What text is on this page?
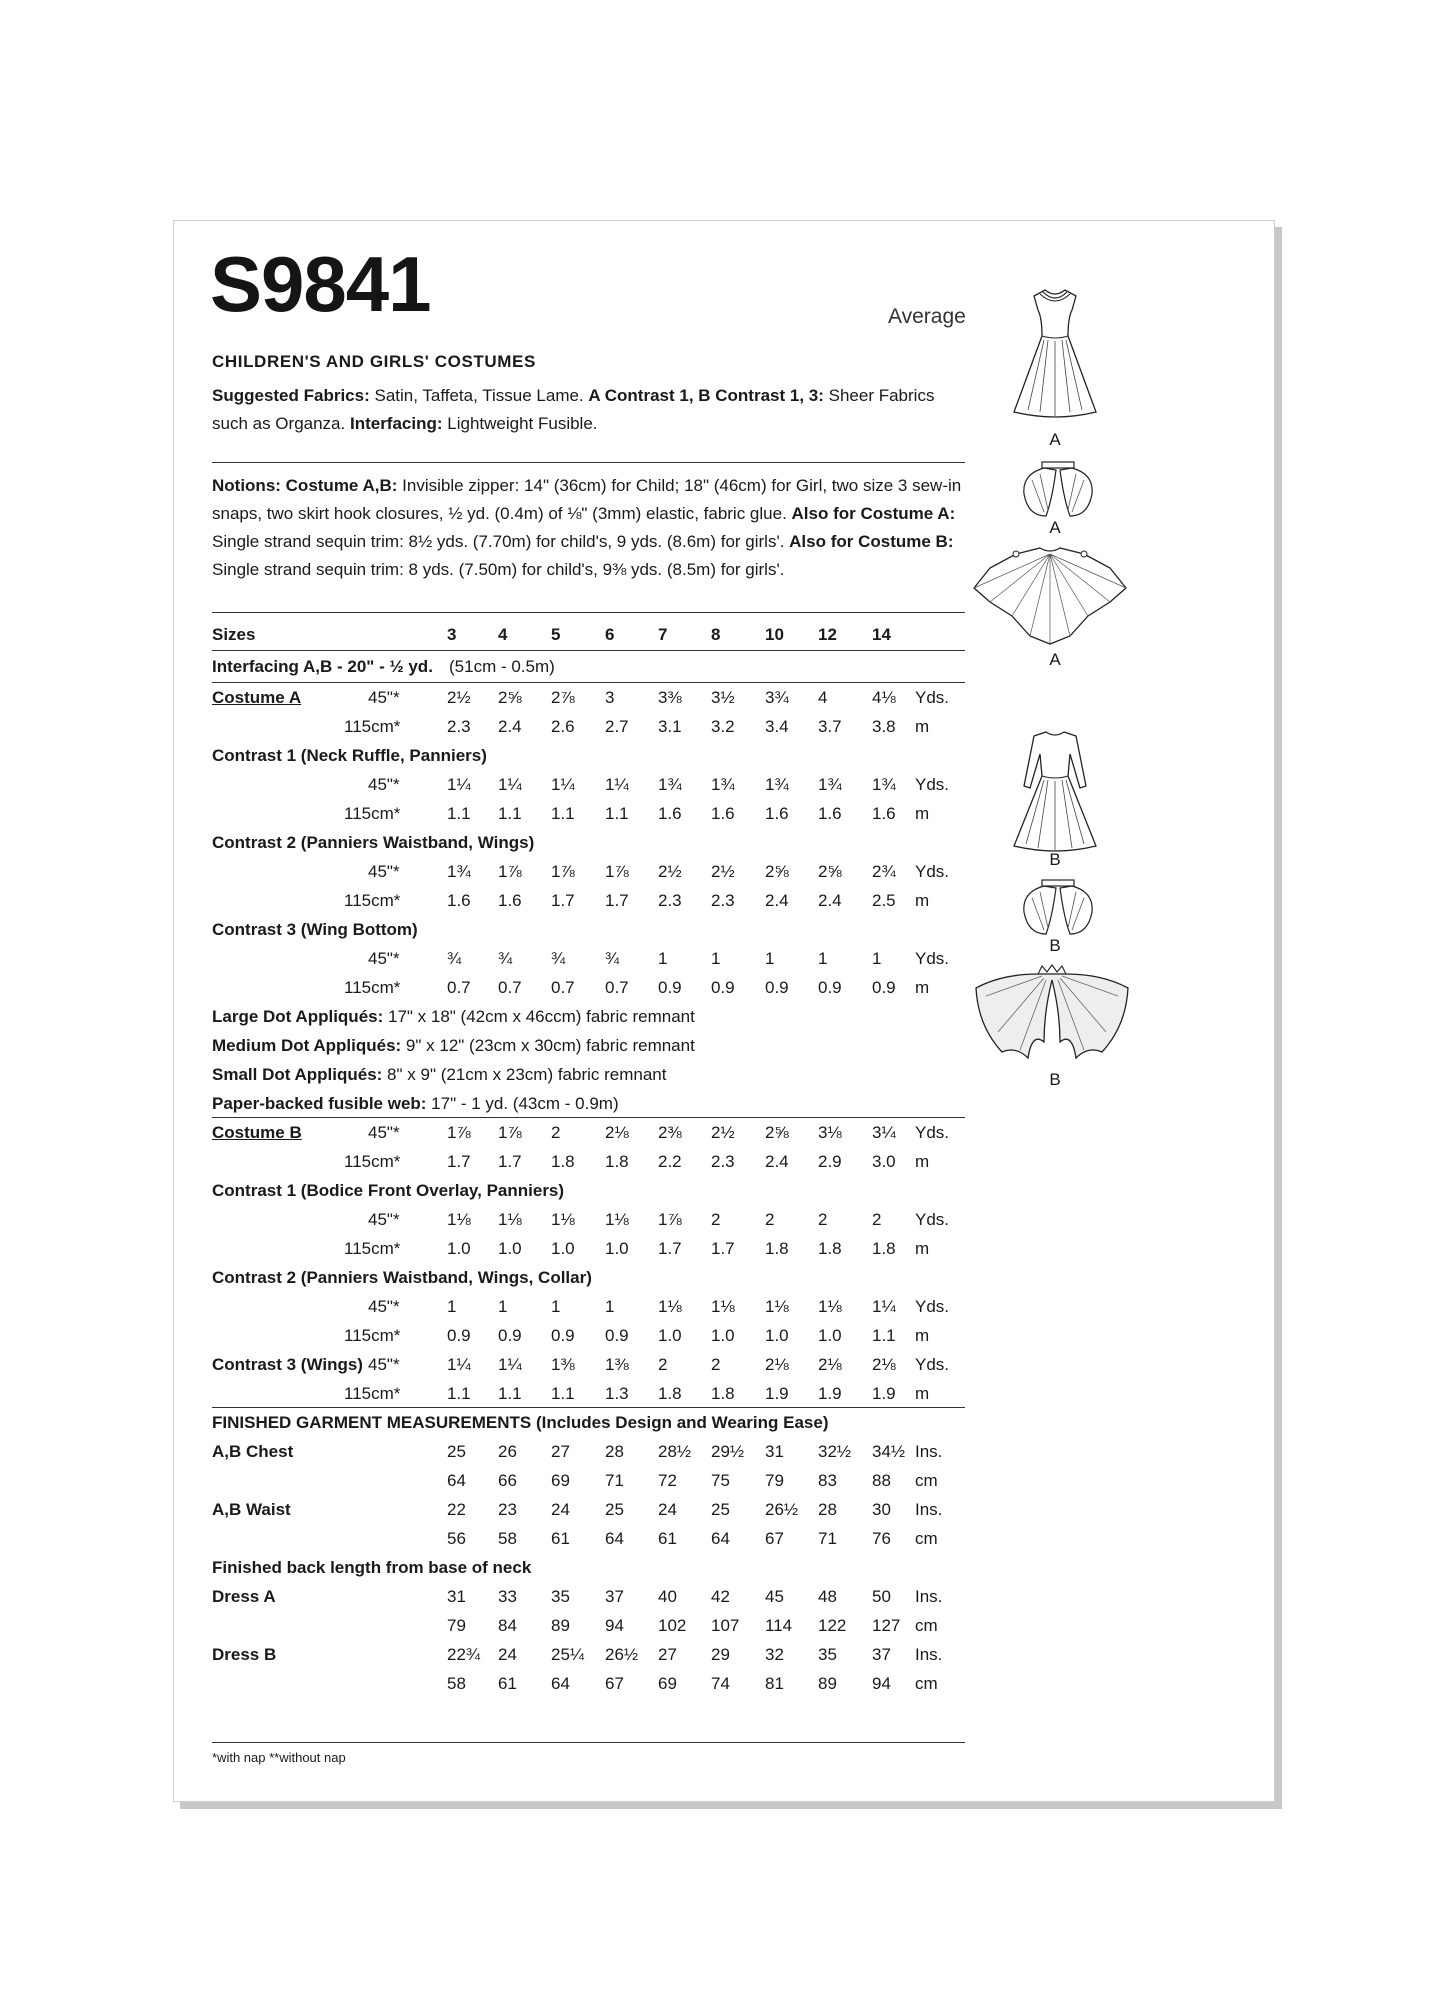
S9841	Average
CHILDREN'S AND GIRLS' COSTUMES
Suggested Fabrics: Satin, Taffeta, Tissue Lame. A Contrast 1, B Contrast 1, 3: Sheer Fabrics such as Organza. Interfacing: Lightweight Fusible.
Notions: Costume A,B: Invisible zipper: 14" (36cm) for Child; 18" (46cm) for Girl, two size 3 sew-in snaps, two skirt hook closures, ½ yd. (0.4m) of ⅛" (3mm) elastic, fabric glue. Also for Costume A: Single strand sequin trim: 8½ yds. (7.70m) for child's, 9 yds. (8.6m) for girls'. Also for Costume B: Single strand sequin trim: 8 yds. (7.50m) for child's, 9⅜ yds. (8.5m) for girls'.
Sizes	3 4	5	6	7	8	10 12 14
Interfacing A,B - 20" - ½ yd. (51cm - 0.5m)
Costume A	45"*	2½ 2⅝ 2⅞ 3	3⅜ 3½ 3¾ 4	4⅛ Yds.
115cm*	2.3 2.4 2.6 2.7 3.1 3.2 3.4 3.7 3.8 m
Contrast 1 (Neck Ruffle, Panniers)
45"*	1¼ 1¼ 1¼ 1¼ 1¾ 1¾ 1¾ 1¾ 1¾ Yds.
115cm*	1.1 1.1 1.1 1.1 1.6 1.6 1.6 1.6 1.6 m
Contrast 2 (Panniers Waistband, Wings)
45"*	1¾ 1⅞ 1⅞ 1⅞ 2½ 2½ 2⅝ 2⅝ 2¾ Yds.
115cm*	1.6 1.6 1.7 1.7 2.3 2.3 2.4 2.4 2.5 m
Contrast 3 (Wing Bottom)
45"*	¾ ¾ ¾ ¾ 1	1	1	1	1 Yds.
115cm*	0.7 0.7 0.7 0.7 0.9 0.9 0.9 0.9 0.9 m
Large Dot Appliqués: 17" x 18" (42cm x 46ccm) fabric remnant
Medium Dot Appliqués: 9" x 12" (23cm x 30cm) fabric remnant
Small Dot Appliqués: 8" x 9" (21cm x 23cm) fabric remnant
Paper-backed fusible web: 17" - 1 yd. (43cm - 0.9m)
Costume B	45"*	1⅞ 1⅞ 2	2⅛ 2⅜ 2½ 2⅝ 3⅛ 3¼ Yds.
115cm*	1.7 1.7 1.8 1.8 2.2 2.3 2.4 2.9 3.0 m
Contrast 1 (Bodice Front Overlay, Panniers)
45"*	1⅛ 1⅛ 1⅛ 1⅛ 1⅞ 2	2	2	2 Yds.
115cm*	1.0 1.0 1.0 1.0 1.7 1.7 1.8 1.8 1.8 m
Contrast 2 (Panniers Waistband, Wings, Collar)
45"*	1 1	1	1	1⅛ 1⅛ 1⅛ 1⅛ 1¼ Yds.
115cm*	0.9 0.9 0.9 0.9 1.0 1.0 1.0 1.0 1.1 m
Contrast 3 (Wings) 45"*	1¼ 1¼ 1⅜ 1⅜ 2	2	2⅛ 2⅛ 2⅛ Yds.
115cm*	1.1 1.1 1.1 1.3 1.8 1.8 1.9 1.9 1.9 m
FINISHED GARMENT MEASUREMENTS (Includes Design and Wearing Ease)
A,B Chest	25 26 27 28 28½ 29½ 31 32½ 34½ Ins.
64 66 69 71 72 75 79 83 88 cm
A,B Waist	22 23 24 25 24 25 26½ 28 30 Ins.
56 58 61 64 61 64 67 71 76 cm
Finished back length from base of neck
Dress A	31 33 35 37 40 42 45 48 50 Ins.
79 84 89 94 102 107 114 122 127 cm
Dress B	22¾ 24 25¼ 26½ 27 29 32 35 37 Ins.
58 61 64 67 69 74 81 89 94 cm
*with nap **without nap
A
A
A
B
B
B
